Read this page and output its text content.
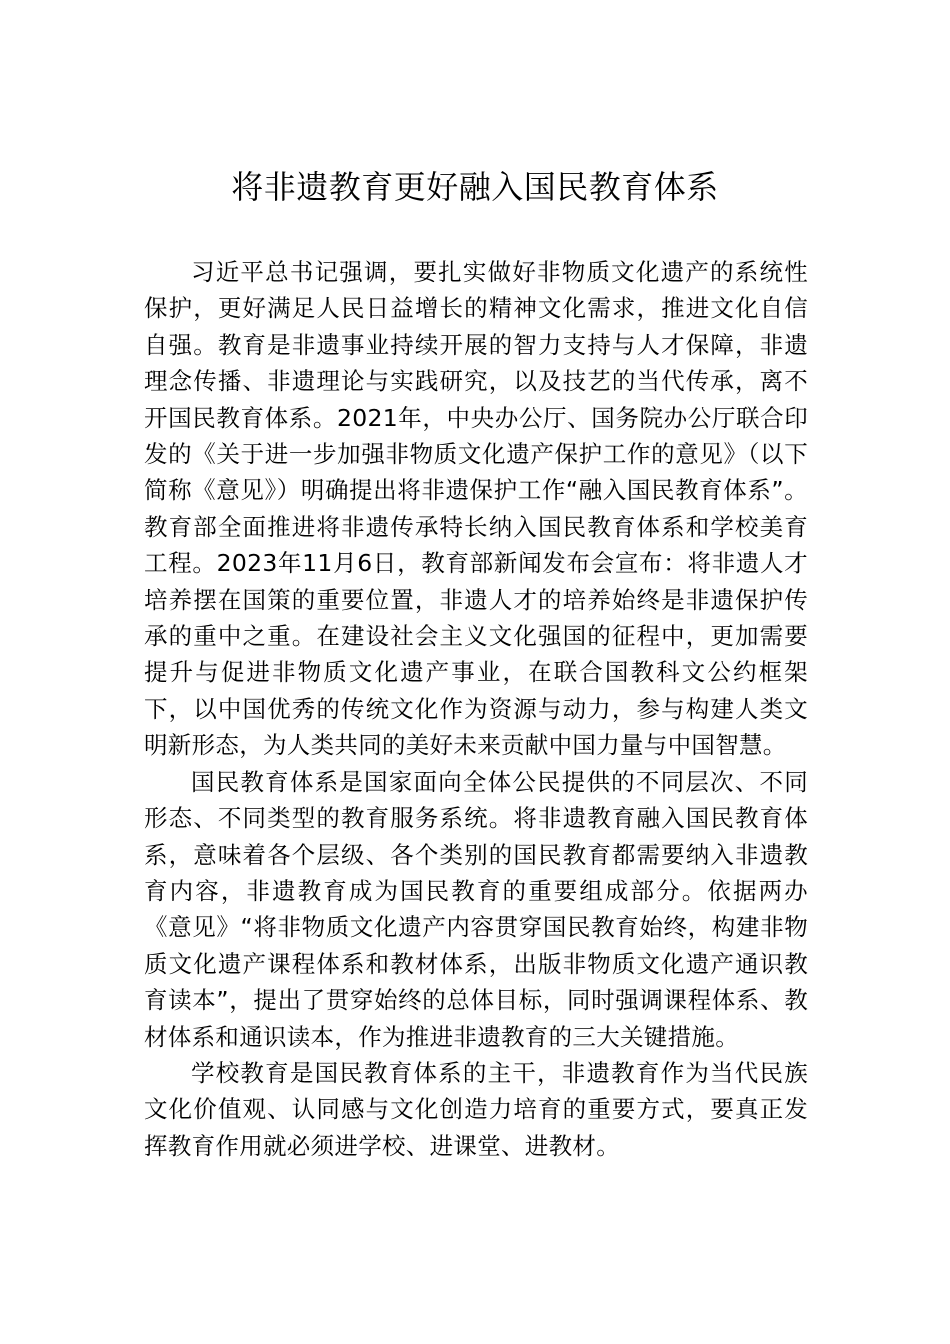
将非遗教育更好融入国民教育体系

习近平总书记强调，要扎实做好非物质文化遗产的系统性保护，更好满足人民日益增长的精神文化需求，推进文化自信自强。教育是非遗事业持续开展的智力支持与人才保障，非遗理念传播、非遗理论与实践研究，以及技艺的当代传承，离不开国民教育体系。2021年，中央办公厅、国务院办公厅联合印发的《关于进一步加强非物质文化遗产保护工作的意见》（以下简称《意见》）明确提出将非遗保护工作“融入国民教育体系”。教育部全面推进将非遗传承特长纳入国民教育体系和学校美育工程。2023年11月6日，教育部新闻发布会宣布：将非遗人才培养摆在国策的重要位置，非遗人才的培养始终是非遗保护传承的重中之重。在建设社会主义文化强国的征程中，更加需要提升与促进非物质文化遗产事业，在联合国教科文公约框架下，以中国优秀的传统文化作为资源与动力，参与构建人类文明新形态，为人类共同的美好未来贡献中国力量与中国智慧。

国民教育体系是国家面向全体公民提供的不同层次、不同形态、不同类型的教育服务系统。将非遗教育融入国民教育体系，意味着各个层级、各个类别的国民教育都需要纳入非遗教育内容，非遗教育成为国民教育的重要组成部分。依据两办《意见》“将非物质文化遗产内容贯穿国民教育始终，构建非物质文化遗产课程体系和教材体系，出版非物质文化遗产通识教育读本”，提出了贯穿始终的总体目标，同时强调课程体系、教材体系和通识读本，作为推进非遗教育的三大关键措施。

学校教育是国民教育体系的主干，非遗教育作为当代民族文化价值观、认同感与文化创造力培育的重要方式，要真正发挥教育作用就必须进学校、进课堂、进教材。
